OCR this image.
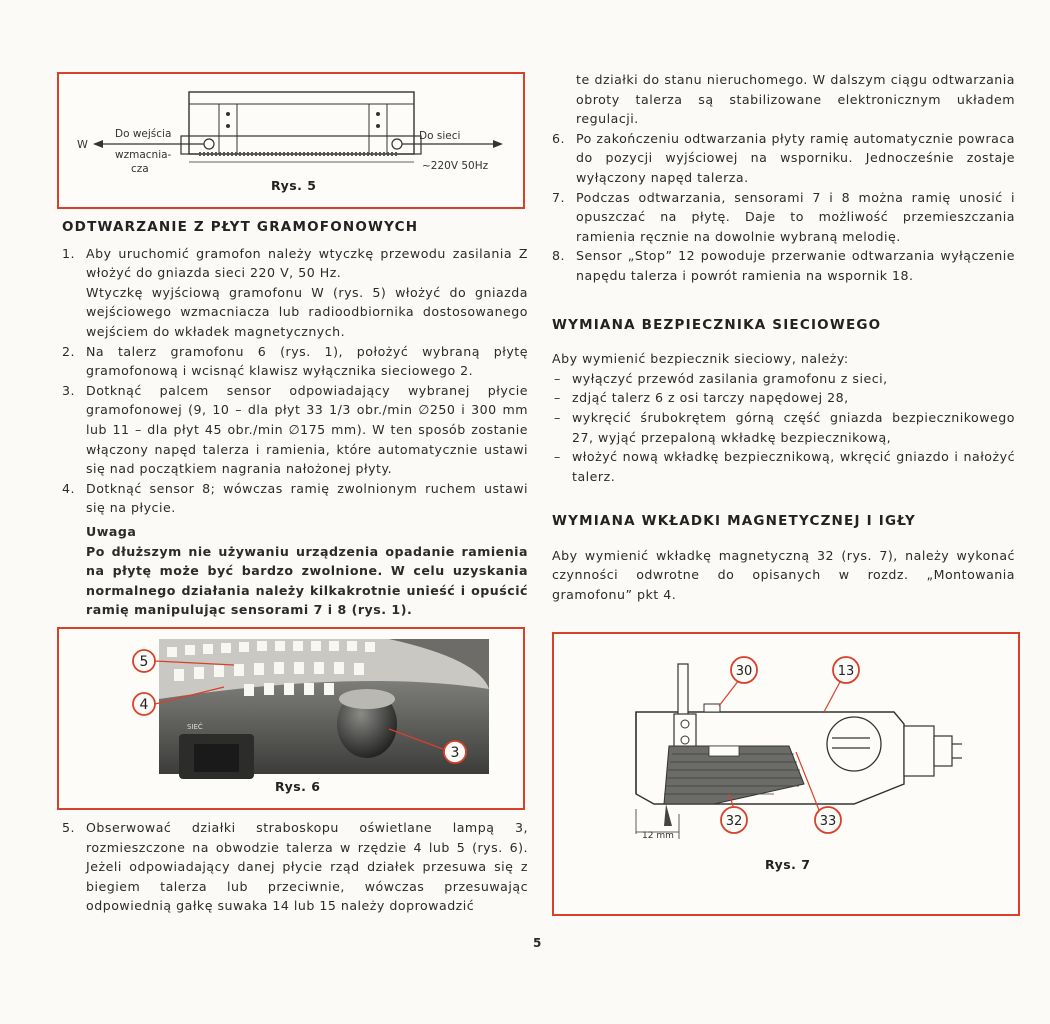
W
Do wejścia
wzmacnia-
cza
Do sieci
~220V 50Hz
Rys. 5
ODTWARZANIE Z PŁYT GRAMOFONOWYCH
1. Aby uruchomić gramofon należy wtyczkę przewodu zasilania Z włożyć do gniazda sieci 220 V, 50 Hz.
Wtyczkę wyjściową gramofonu W (rys. 5) włożyć do gniazda wejściowego wzmacniacza lub radioodbiornika dostosowanego wejściem do wkładek magnetycznych.
2. Na talerz gramofonu 6 (rys. 1), położyć wybraną płytę gramofonową i wcisnąć klawisz wyłącznika sieciowego 2.
3. Dotknąć palcem sensor odpowiadający wybranej płycie gramofonowej (9, 10 – dla płyt 33 1/3 obr./min ∅250 i 300 mm lub 11 – dla płyt 45 obr./min ∅175 mm). W ten sposób zostanie włączony napęd talerza i ramienia, które automatycznie ustawi się nad początkiem nagrania nałożonej płyty.
4. Dotknąć sensor 8; wówczas ramię zwolnionym ruchem ustawi się na płycie.
Uwaga
Po dłuższym nie używaniu urządzenia opadanie ramienia na płytę może być bardzo zwolnione. W celu uzyskania normalnego działania należy kilkakrotnie unieść i opuścić ramię manipulując sensorami 7 i 8 (rys. 1).
SIEĆ
5
4
3
Rys. 6
5. Obserwować działki straboskopu oświetlane lampą 3, rozmieszczone na obwodzie talerza w rzędzie 4 lub 5 (rys. 6). Jeżeli odpowiadający danej płycie rząd działek przesuwa się z biegiem talerza lub przeciwnie, wówczas przesuwając odpowiednią gałkę suwaka 14 lub 15 należy doprowadzić
te działki do stanu nieruchomego. W dalszym ciągu odtwarzania obroty talerza są stabilizowane elektronicznym układem regulacji.
6. Po zakończeniu odtwarzania płyty ramię automatycznie powraca do pozycji wyjściowej na wsporniku. Jednocześnie zostaje wyłączony napęd talerza.
7. Podczas odtwarzania, sensorami 7 i 8 można ramię unosić i opuszczać na płytę. Daje to możliwość przemieszczania ramienia ręcznie na dowolnie wybraną melodię.
8. Sensor „Stop” 12 powoduje przerwanie odtwarzania wyłączenie napędu talerza i powrót ramienia na wspornik 18.
WYMIANA BEZPIECZNIKA SIECIOWEGO
Aby wymienić bezpiecznik sieciowy, należy:
– wyłączyć przewód zasilania gramofonu z sieci,
– zdjąć talerz 6 z osi tarczy napędowej 28,
– wykręcić śrubokrętem górną część gniazda bezpiecznikowego 27, wyjąć przepaloną wkładkę bezpiecznikową,
– włożyć nową wkładkę bezpiecznikową, wkręcić gniazdo i nałożyć talerz.
WYMIANA WKŁADKI MAGNETYCZNEJ I IGŁY
Aby wymienić wkładkę magnetyczną 32 (rys. 7), należy wykonać czynności odwrotne do opisanych w rozdz. „Montowania gramofonu” pkt 4.
12 mm
30	13
32	33
Rys. 7
5
